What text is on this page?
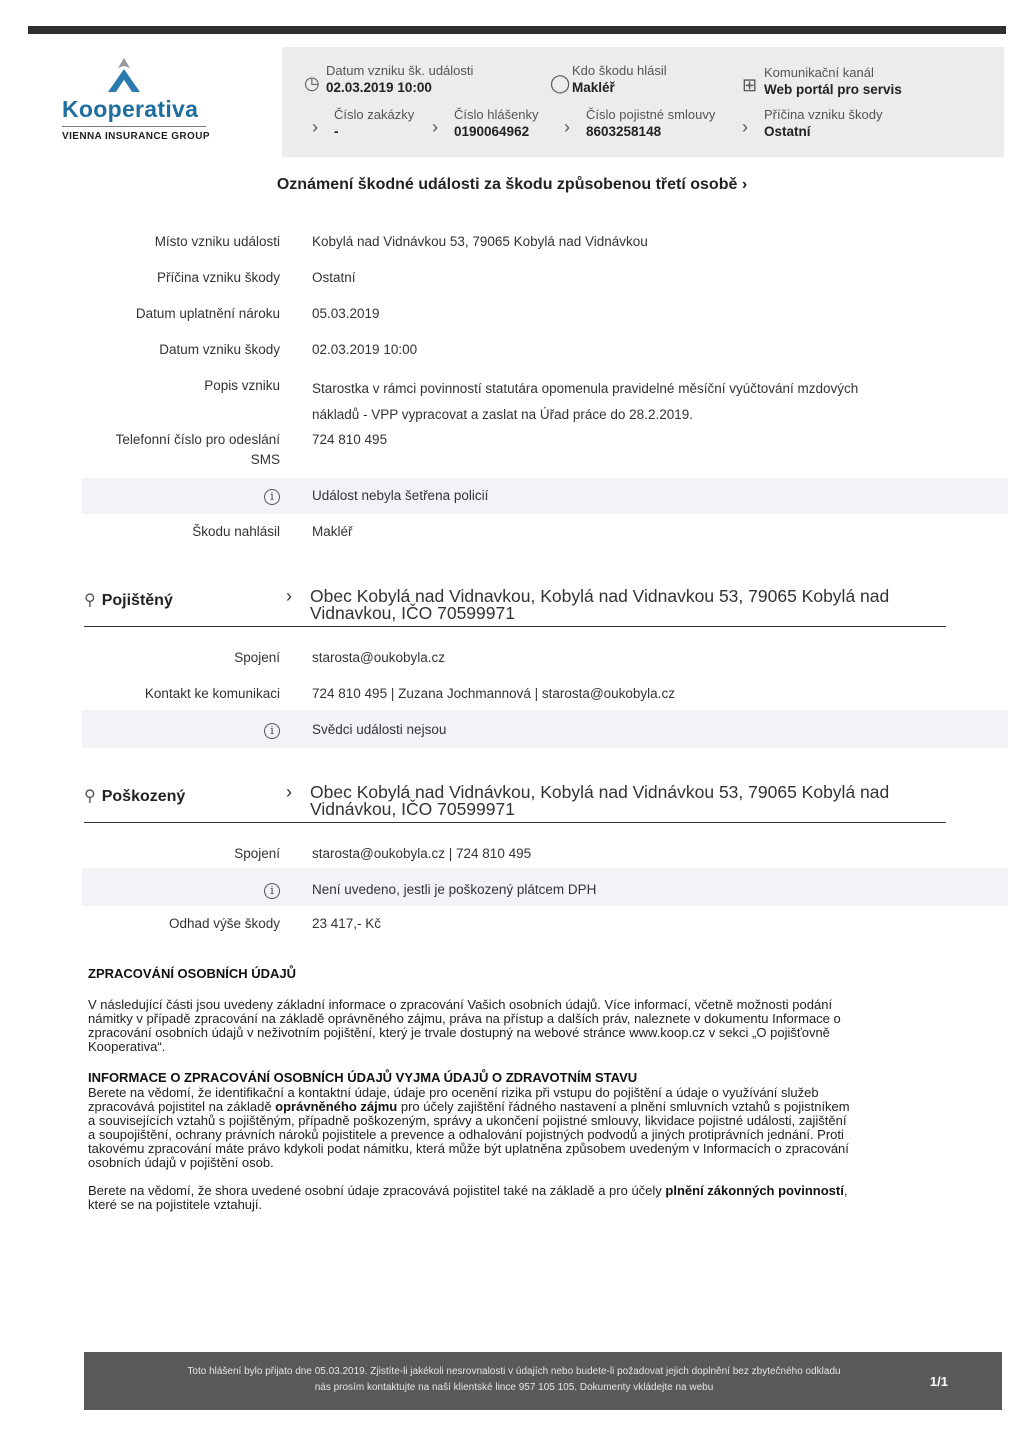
Kooperativa
VIENNA INSURANCE GROUP
◷
Datum vzniku šk. události
02.03.2019 10:00	◯
Kdo škodu hlásil
Makléř	⊞
Komunikační kanál
Web portál pro servis
›
Číslo zakázky
-	›
Číslo hlášenky
0190064962	›
Číslo pojistné smlouvy
8603258148	›
Příčina vzniku škody
Ostatní
Oznámení škodné události za škodu způsobenou třetí osobě ›
Místo vzniku události Kobylá nad Vidnávkou 53, 79065 Kobylá nad Vidnávkou
Příčina vzniku škody Ostatní
Datum uplatnění nároku 05.03.2019
Datum vzniku škody 02.03.2019 10:00
Popis vzniku Starostka v rámci povinností statutára opomenula pravidelné měsíční vyúčtování mzdových
nákladů - VPP vypracovat a zaslat na Úřad práce do 28.2.2019.
Telefonní číslo pro odeslání
SMS
724 810 495
i	Událost nebyla šetřena policií
Škodu nahlásil Makléř
⚲ Pojištěný	› Obec Kobylá nad Vidnavkou, Kobylá nad Vidnavkou 53, 79065 Kobylá nad
Vidnavkou, IČO 70599971
Spojení starosta@oukobyla.cz
Kontakt ke komunikaci 724 810 495 | Zuzana Jochmannová | starosta@oukobyla.cz
i	Svědci události nejsou
⚲ Poškozený	› Obec Kobylá nad Vidnávkou, Kobylá nad Vidnávkou 53, 79065 Kobylá nad
Vidnávkou, IČO 70599971
Spojení starosta@oukobyla.cz | 724 810 495
i	Není uvedeno, jestli je poškozený plátcem DPH
Odhad výše škody 23 417,- Kč
ZPRACOVÁNÍ OSOBNÍCH ÚDAJŮ
V následující části jsou uvedeny základní informace o zpracování Vašich osobních údajů. Více informací, včetně možnosti podání
námitky v případě zpracování na základě oprávněného zájmu, práva na přístup a dalších práv, naleznete v dokumentu Informace o
zpracování osobních údajů v neživotním pojištění, který je trvale dostupný na webové stránce www.koop.cz v sekci „O pojišťovně
Kooperativa“.
INFORMACE O ZPRACOVÁNÍ OSOBNÍCH ÚDAJŮ VYJMA ÚDAJŮ O ZDRAVOTNÍM STAVU
Berete na vědomí, že identifikační a kontaktní údaje, údaje pro ocenění rizika při vstupu do pojištění a údaje o využívání služeb
zpracovává pojistitel na základě oprávněného zájmu pro účely zajištění řádného nastavení a plnění smluvních vztahů s pojistníkem
a souvisejících vztahů s pojištěným, případně poškozeným, správy a ukončení pojistné smlouvy, likvidace pojistné události, zajištění
a soupojištění, ochrany právních nároků pojistitele a prevence a odhalování pojistných podvodů a jiných protiprávních jednání. Proti
takovému zpracování máte právo kdykoli podat námitku, která může být uplatněna způsobem uvedeným v Informacích o zpracování
osobních údajů v pojištění osob.
Berete na vědomí, že shora uvedené osobní údaje zpracovává pojistitel také na základě a pro účely plnění zákonných povinností,
které se na pojistitele vztahují.
Toto hlášení bylo přijato dne 05.03.2019. Zjistíte-li jakékoli nesrovnalosti v údajích nebo budete-li požadovat jejich doplnění bez zbytečného odkladu
nás prosím kontaktujte na naší klientské lince 957 105 105. Dokumenty vkládejte na webu	1/1
